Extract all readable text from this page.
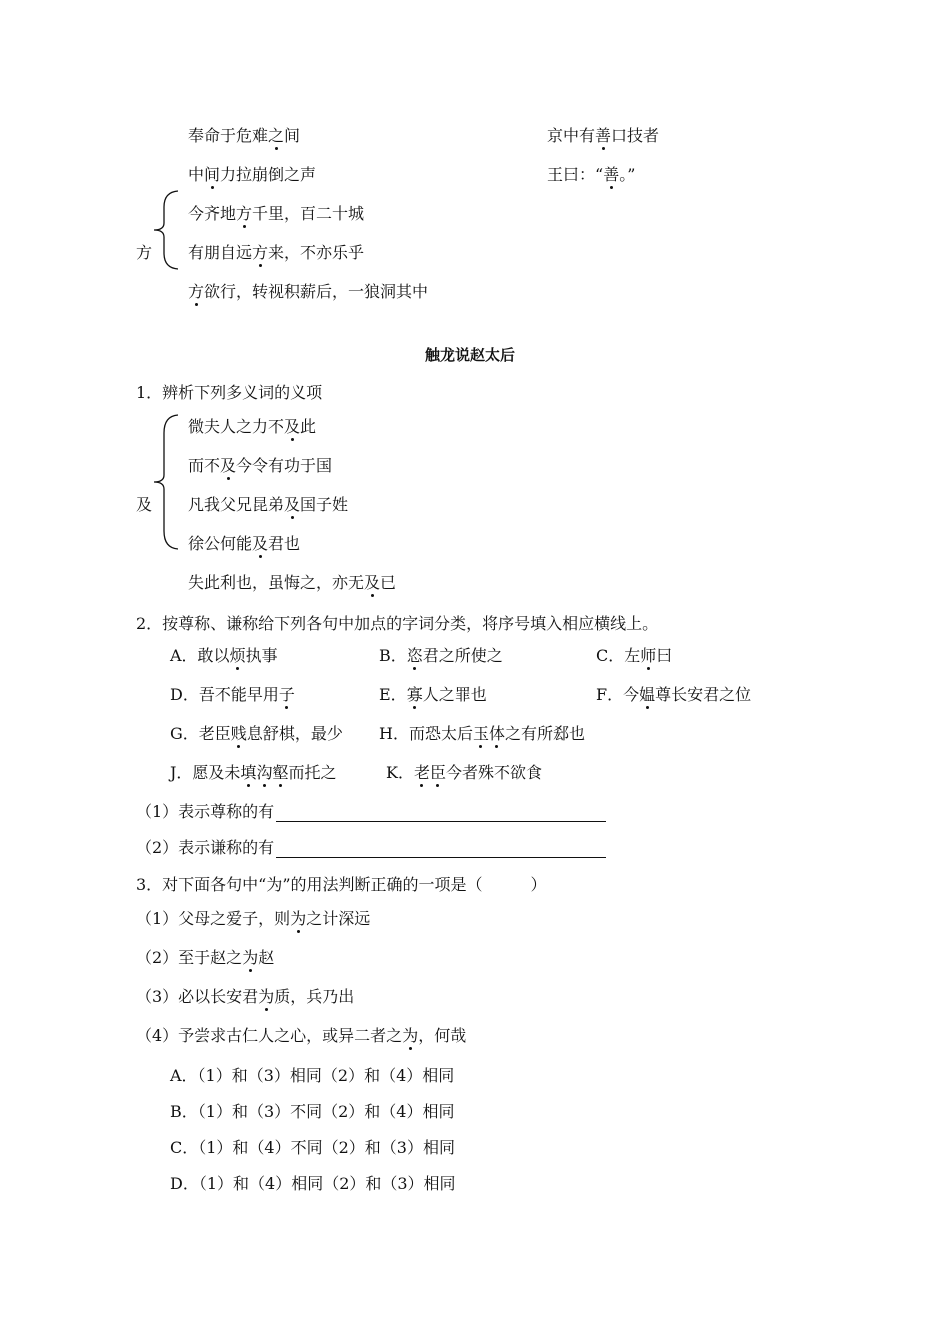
奉命于危难之间
中间力拉崩倒之声
今齐地方千里，百二十城
有朋自远方来，不亦乐乎
方欲行，转视积薪后，一狼洞其中
京中有善口技者
王曰：“善。”
方
触龙说赵太后
1．辨析下列多义词的义项
微夫人之力不及此
而不及今令有功于国
凡我父兄昆弟及国子姓
徐公何能及君也
失此利也，虽悔之，亦无及已
及
2．按尊称、谦称给下列各句中加点的字词分类，将序号填入相应横线上。
A．敢以烦执事	B．恣君之所使之	C．左师曰
D．吾不能早用子	E．寡人之罪也	F．今媪尊长安君之位
G．老臣贱息舒棋，最少 H．而恐太后玉体之有所郄也
J．愿及未填沟壑而托之	K．老臣今者殊不欲食
（1）表示尊称的有
（2）表示谦称的有
3．对下面各句中“为”的用法判断正确的一项是（　　　）
（1）父母之爱子，则为之计深远
（2）至于赵之为赵
（3）必以长安君为质，兵乃出
（4）予尝求古仁人之心，或异二者之为，何哉
A．（1）和（3）相同（2）和（4）相同
B．（1）和（3）不同（2）和（4）相同
C．（1）和（4）不同（2）和（3）相同
D．（1）和（4）相同（2）和（3）相同
